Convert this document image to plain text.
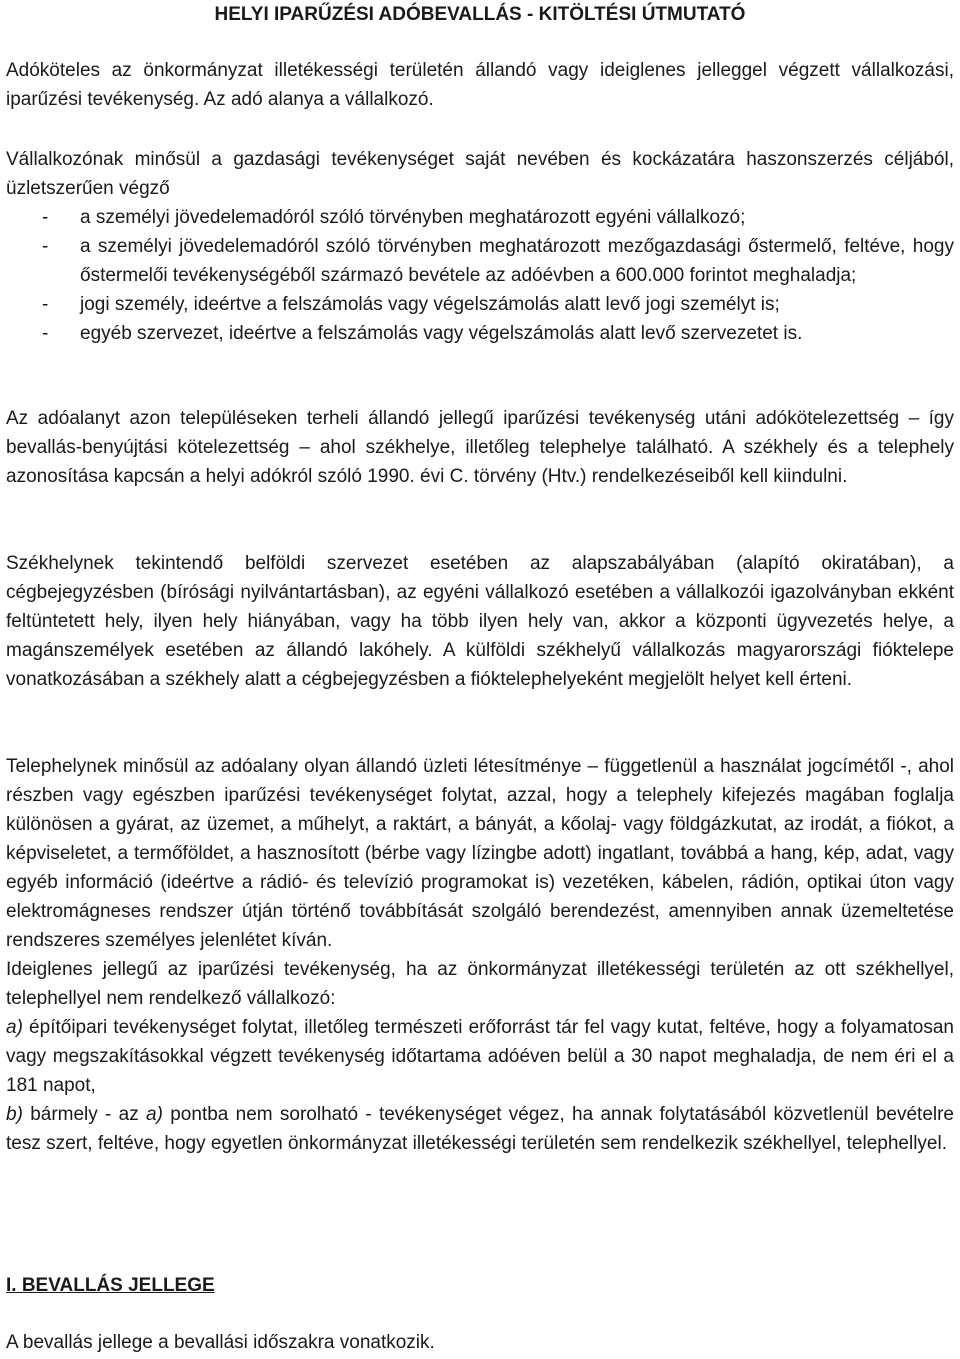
HELYI IPARŰZÉSI ADÓBEVALLÁS - KITÖLTÉSI ÚTMUTATÓ

Adóköteles az önkormányzat illetékességi területén állandó vagy ideiglenes jelleggel végzett vállalkozási, iparűzési tevékenység. Az adó alanya a vállalkozó.

Vállalkozónak minősül a gazdasági tevékenységet saját nevében és kockázatára haszonszerzés céljából, üzletszerűen végző

- a személyi jövedelemadóról szóló törvényben meghatározott egyéni vállalkozó;
- a személyi jövedelemadóról szóló törvényben meghatározott mezőgazdasági őstermelő, feltéve, hogy őstermelői tevékenységéből származó bevétele az adóévben a 600.000 forintot meghaladja;
- jogi személy, ideértve a felszámolás vagy végelszámolás alatt levő jogi személyt is;
- egyéb szervezet, ideértve a felszámolás vagy végelszámolás alatt levő szervezetet is.

Az adóalanyt azon településeken terheli állandó jellegű iparűzési tevékenység utáni adókötelezettség – így bevallás-benyújtási kötelezettség – ahol székhelye, illetőleg telephelye található. A székhely és a telephely azonosítása kapcsán a helyi adókról szóló 1990. évi C. törvény (Htv.) rendelkezéseiből kell kiindulni.

Székhelynek tekintendő belföldi szervezet esetében az alapszabályában (alapító okiratában), a cégbejegyzésben (bírósági nyilvántartásban), az egyéni vállalkozó esetében a vállalkozói igazolványban ekként feltüntetett hely, ilyen hely hiányában, vagy ha több ilyen hely van, akkor a központi ügyvezetés helye, a magánszemélyek esetében az állandó lakóhely. A külföldi székhelyű vállalkozás magyarországi fióktelepe vonatkozásában a székhely alatt a cégbejegyzésben a fióktelephelyeként megjelölt helyet kell érteni.

Telephelynek minősül az adóalany olyan állandó üzleti létesítménye – függetlenül a használat jogcímétől -, ahol részben vagy egészben iparűzési tevékenységet folytat, azzal, hogy a telephely kifejezés magában foglalja különösen a gyárat, az üzemet, a műhelyt, a raktárt, a bányát, a kőolaj- vagy földgázkutat, az irodát, a fiókot, a képviseletet, a termőföldet, a hasznosított (bérbe vagy lízingbe adott) ingatlant, továbbá a hang, kép, adat, vagy egyéb információ (ideértve a rádió- és televízió programokat is) vezetéken, kábelen, rádión, optikai úton vagy elektromágneses rendszer útján történő továbbítását szolgáló berendezést, amennyiben annak üzemeltetése rendszeres személyes jelenlétet kíván.

Ideiglenes jellegű az iparűzési tevékenység, ha az önkormányzat illetékességi területén az ott székhellyel, telephellyel nem rendelkező vállalkozó:

a) építőipari tevékenységet folytat, illetőleg természeti erőforrást tár fel vagy kutat, feltéve, hogy a folyamatosan vagy megszakításokkal végzett tevékenység időtartama adóéven belül a 30 napot meghaladja, de nem éri el a 181 napot,

b) bármely - az a) pontba nem sorolható - tevékenységet végez, ha annak folytatásából közvetlenül bevételre tesz szert, feltéve, hogy egyetlen önkormányzat illetékességi területén sem rendelkezik székhellyel, telephellyel.

I. BEVALLÁS JELLEGE

A bevallás jellege a bevallási időszakra vonatkozik.
